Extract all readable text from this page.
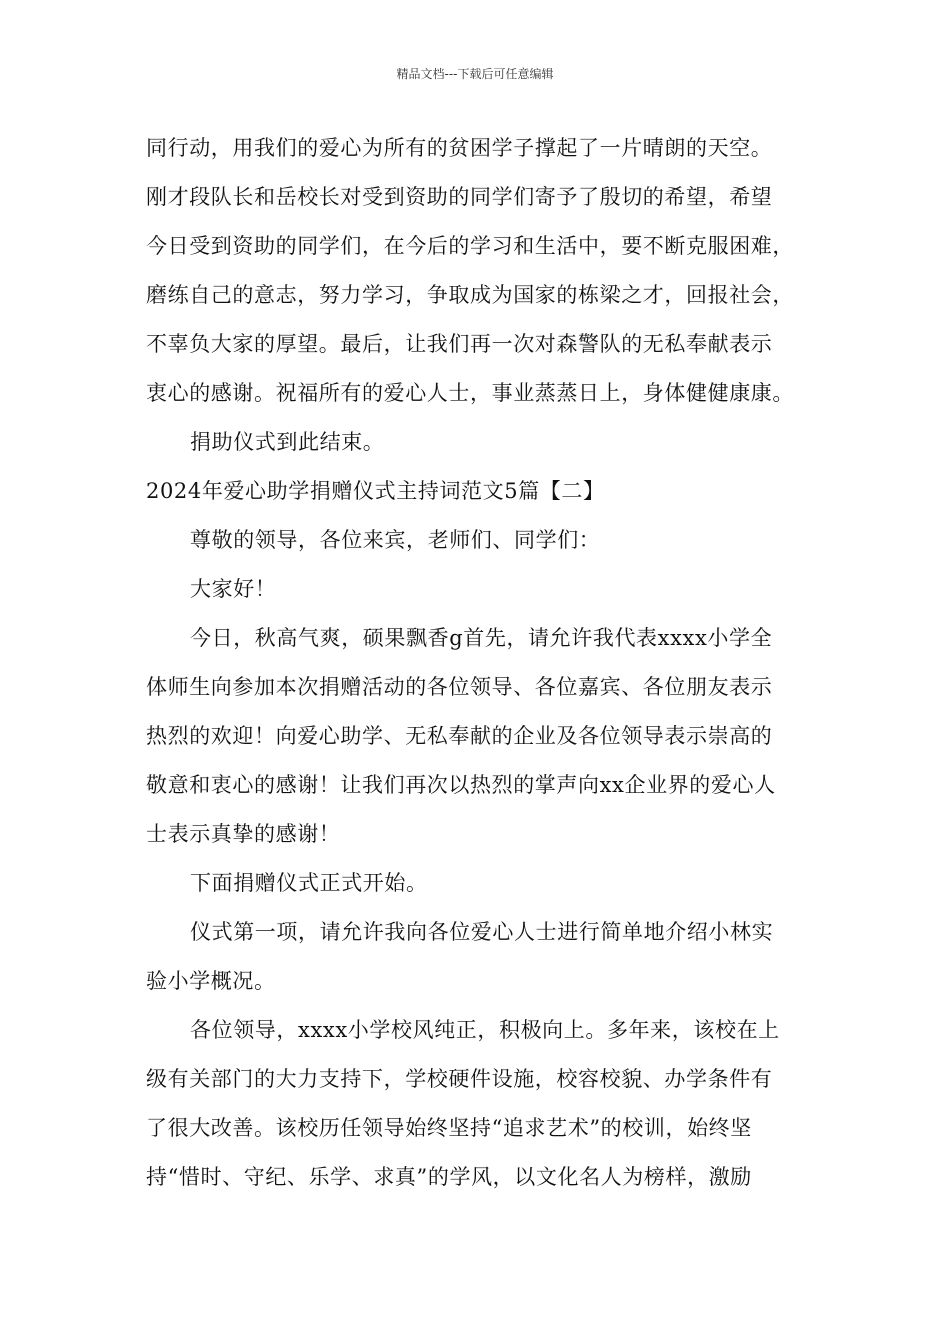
精品文档---下载后可任意编辑
同行动，用我们的爱心为所有的贫困学子撑起了一片晴朗的天空。
刚才段队长和岳校长对受到资助的同学们寄予了殷切的希望，希望
今日受到资助的同学们，在今后的学习和生活中，要不断克服困难，
磨练自己的意志，努力学习，争取成为国家的栋梁之才，回报社会，
不辜负大家的厚望。最后，让我们再一次对森警队的无私奉献表示
衷心的感谢。祝福所有的爱心人士，事业蒸蒸日上，身体健健康康。
捐助仪式到此结束。
2024年爱心助学捐赠仪式主持词范文5篇【二】
尊敬的领导，各位来宾，老师们、同学们：
大家好！
今日，秋高气爽，硕果飘香g首先，请允许我代表xxxx小学全
体师生向参加本次捐赠活动的各位领导、各位嘉宾、各位朋友表示
热烈的欢迎！向爱心助学、无私奉献的企业及各位领导表示崇高的
敬意和衷心的感谢！让我们再次以热烈的掌声向xx企业界的爱心人
士表示真挚的感谢！
下面捐赠仪式正式开始。
仪式第一项，请允许我向各位爱心人士进行简单地介绍小林实
验小学概况。
各位领导，xxxx小学校风纯正，积极向上。多年来，该校在上
级有关部门的大力支持下，学校硬件设施，校容校貌、办学条件有
了很大改善。该校历任领导始终坚持“追求艺术”的校训，始终坚
持“惜时、守纪、乐学、求真”的学风，以文化名人为榜样，激励
